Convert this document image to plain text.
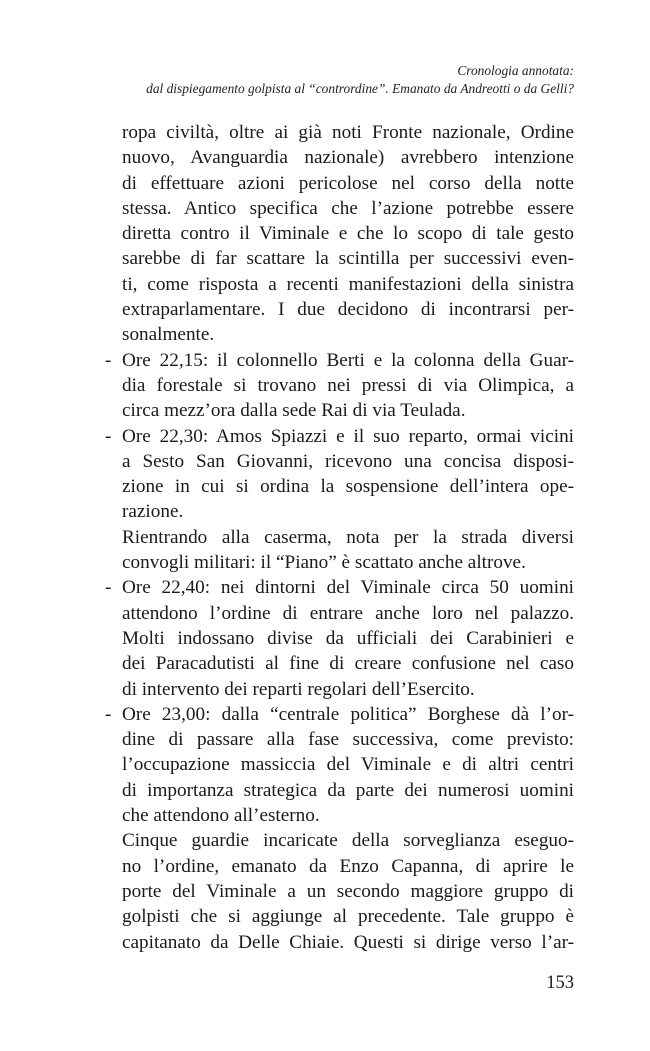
Cronologia annotata:
dal dispiegamento golpista al “contrordine”. Emanato da Andreotti o da Gelli?
ropa civiltà, oltre ai già noti Fronte nazionale, Ordine
nuovo, Avanguardia nazionale) avrebbero intenzione
di effettuare azioni pericolose nel corso della notte
stessa. Antico specifica che l’azione potrebbe essere
diretta contro il Viminale e che lo scopo di tale gesto
sarebbe di far scattare la scintilla per successivi even-
ti, come risposta a recenti manifestazioni della sinistra
extraparlamentare. I due decidono di incontrarsi per-
sonalmente.
- Ore 22,15: il colonnello Berti e la colonna della Guar-
dia forestale si trovano nei pressi di via Olimpica, a
circa mezz’ora dalla sede Rai di via Teulada.
- Ore 22,30: Amos Spiazzi e il suo reparto, ormai vicini
a Sesto San Giovanni, ricevono una concisa disposi-
zione in cui si ordina la sospensione dell’intera ope-
razione.
Rientrando alla caserma, nota per la strada diversi
convogli militari: il “Piano” è scattato anche altrove.
- Ore 22,40: nei dintorni del Viminale circa 50 uomini
attendono l’ordine di entrare anche loro nel palazzo.
Molti indossano divise da ufficiali dei Carabinieri e
dei Paracadutisti al fine di creare confusione nel caso
di intervento dei reparti regolari dell’Esercito.
- Ore 23,00: dalla “centrale politica” Borghese dà l’or-
dine di passare alla fase successiva, come previsto:
l’occupazione massiccia del Viminale e di altri centri
di importanza strategica da parte dei numerosi uomini
che attendono all’esterno.
Cinque guardie incaricate della sorveglianza eseguo-
no l’ordine, emanato da Enzo Capanna, di aprire le
porte del Viminale a un secondo maggiore gruppo di
golpisti che si aggiunge al precedente. Tale gruppo è
capitanato da Delle Chiaie. Questi si dirige verso l’ar-
153
